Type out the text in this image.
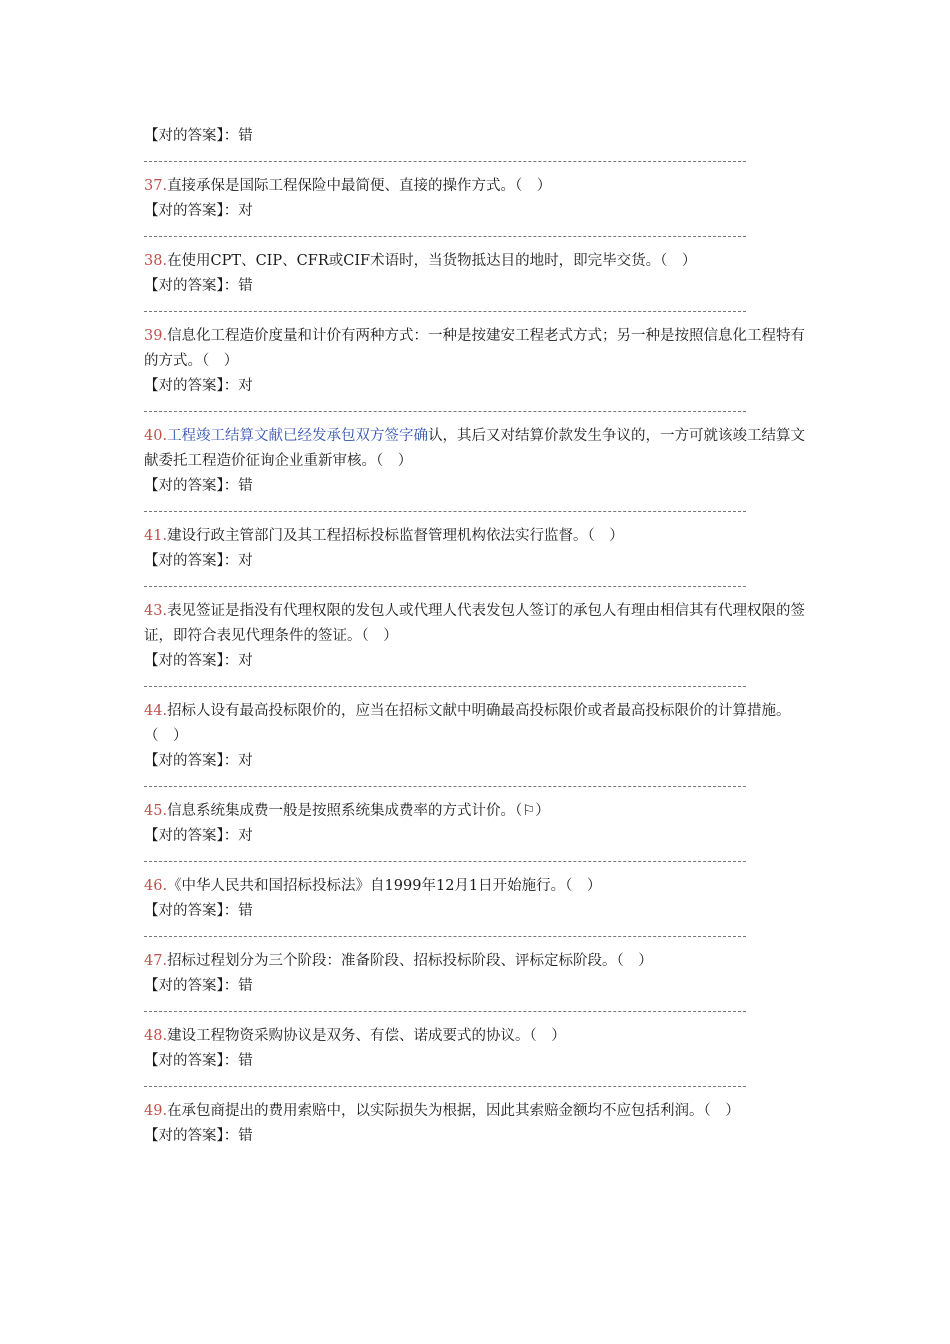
【对的答案】：错

37.直接承保是国际工程保险中最简便、直接的操作方式。（　）

【对的答案】：对

38.在使用CPT、CIP、CFR或CIF术语时，当货物抵达目的地时，即完毕交货。（　）

【对的答案】：错

39.信息化工程造价度量和计价有两种方式：一种是按建安工程老式方式；另一种是按照信息化工程特有的方式。（　）

【对的答案】：对

40.工程竣工结算文献已经发承包双方签字确认，其后又对结算价款发生争议的，一方可就该竣工结算文献委托工程造价征询企业重新审核。（　）

【对的答案】：错

41.建设行政主管部门及其工程招标投标监督管理机构依法实行监督。（　）

【对的答案】：对

43.表见签证是指没有代理权限的发包人或代理人代表发包人签订的承包人有理由相信其有代理权限的签证，即符合表见代理条件的签证。（　）

【对的答案】：对

44.招标人设有最高投标限价的，应当在招标文献中明确最高投标限价或者最高投标限价的计算措施。（　）

【对的答案】：对

45.信息系统集成费一般是按照系统集成费率的方式计价。（⚐）

【对的答案】：对

46.《中华人民共和国招标投标法》自1999年12月1日开始施行。（　）

【对的答案】：错

47.招标过程划分为三个阶段：准备阶段、招标投标阶段、评标定标阶段。（　）

【对的答案】：错

48.建设工程物资采购协议是双务、有偿、诺成要式的协议。（　）

【对的答案】：错

49.在承包商提出的费用索赔中，以实际损失为根据，因此其索赔金额均不应包括利润。（　）

【对的答案】：错
